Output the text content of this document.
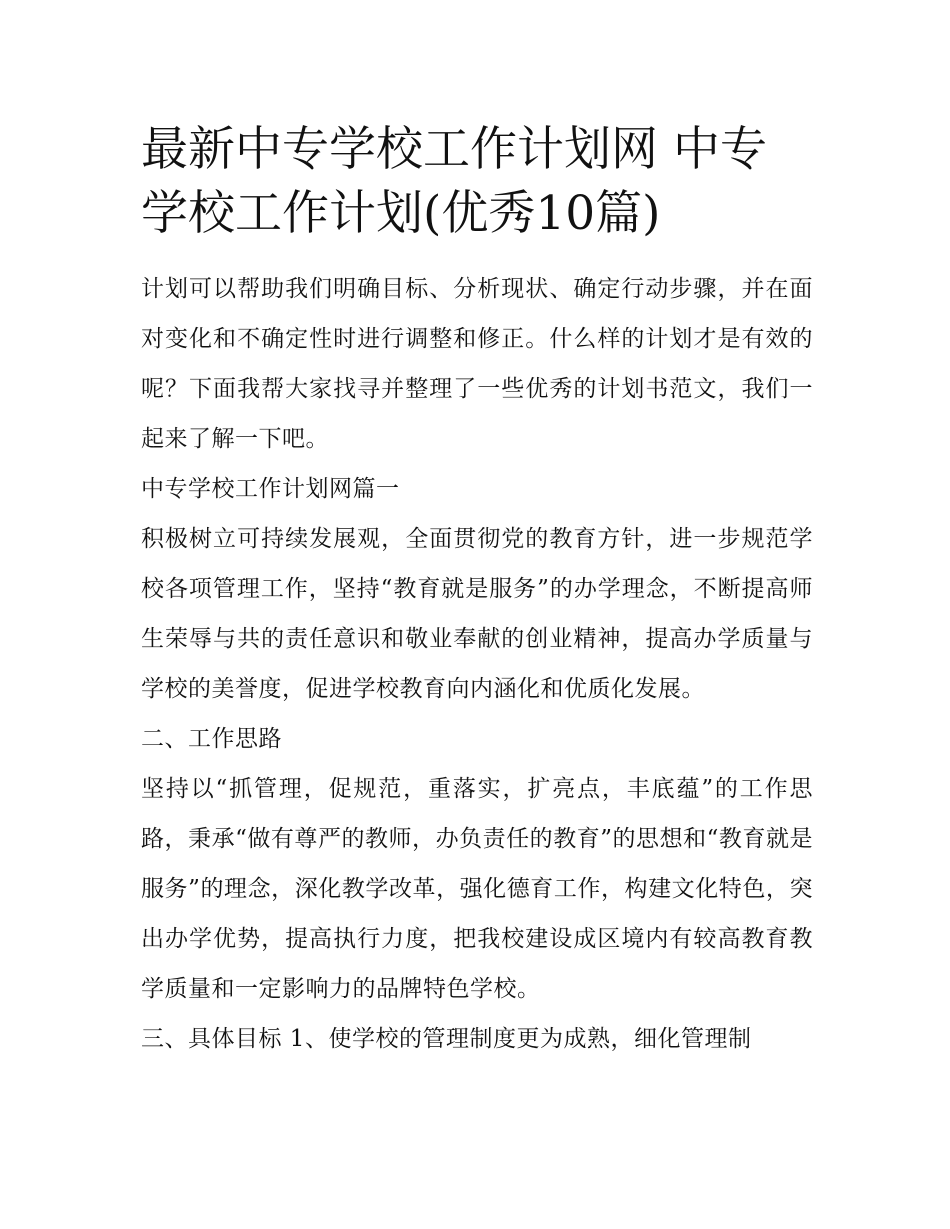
最新中专学校工作计划网 中专学校工作计划(优秀10篇)

计划可以帮助我们明确目标、分析现状、确定行动步骤，并在面对变化和不确定性时进行调整和修正。什么样的计划才是有效的呢？下面我帮大家找寻并整理了一些优秀的计划书范文，我们一起来了解一下吧。

中专学校工作计划网篇一

积极树立可持续发展观，全面贯彻党的教育方针，进一步规范学校各项管理工作，坚持“教育就是服务”的办学理念，不断提高师生荣辱与共的责任意识和敬业奉献的创业精神，提高办学质量与学校的美誉度，促进学校教育向内涵化和优质化发展。

二、工作思路

坚持以“抓管理，促规范，重落实，扩亮点，丰底蕴”的工作思路，秉承“做有尊严的教师，办负责任的教育”的思想和“教育就是服务”的理念，深化教学改革，强化德育工作，构建文化特色，突出办学优势，提高执行力度，把我校建设成区境内有较高教育教学质量和一定影响力的品牌特色学校。

三、具体目标 1、使学校的管理制度更为成熟，细化管理制
